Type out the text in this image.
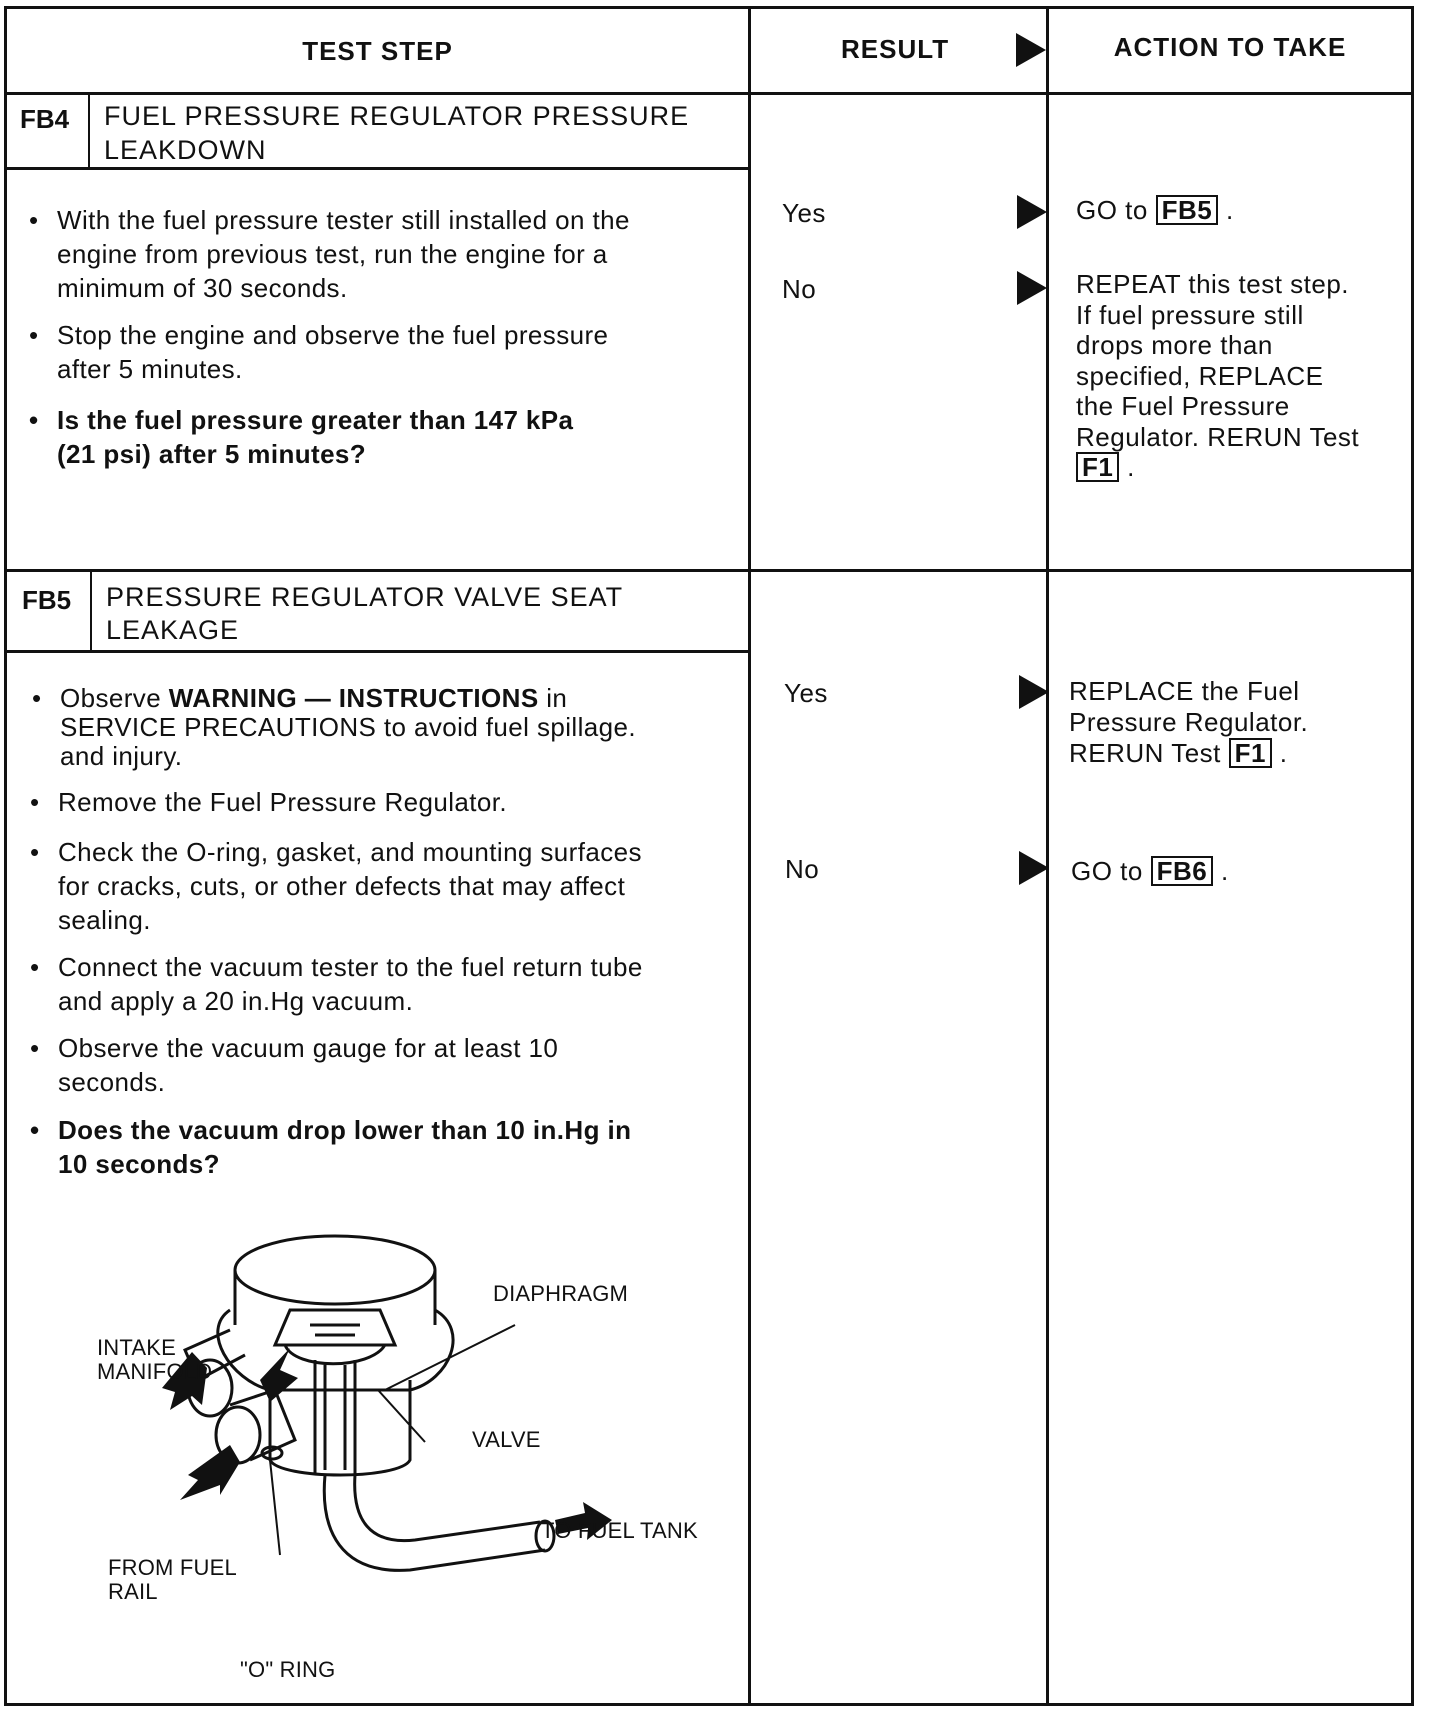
TEST STEP	RESULT	ACTION TO TAKE
FB4 FUEL PRESSURE REGULATOR PRESSURE
LEAKDOWN
• With the fuel pressure tester still installed on the
engine from previous test, run the engine for a
minimum of 30 seconds.
• Stop the engine and observe the fuel pressure
after 5 minutes.
• Is the fuel pressure greater than 147 kPa
(21 psi) after 5 minutes?
Yes
No
GO to FB5 .
REPEAT this test step.
If fuel pressure still
drops more than
specified, REPLACE
the Fuel Pressure
Regulator. RERUN Test
F1 .
FB5 PRESSURE REGULATOR VALVE SEAT
LEAKAGE
• Observe WARNING — INSTRUCTIONS in
SERVICE PRECAUTIONS to avoid fuel spillage.
and injury.
• Remove the Fuel Pressure Regulator.
• Check the O-ring, gasket, and mounting surfaces
for cracks, cuts, or other defects that may affect
sealing.
• Connect the vacuum tester to the fuel return tube
and apply a 20 in.Hg vacuum.
• Observe the vacuum gauge for at least 10
seconds.
• Does the vacuum drop lower than 10 in.Hg in
10 seconds?
Yes
No
REPLACE the Fuel
Pressure Regulator.
RERUN Test F1 .
GO to FB6 .
DIAPHRAGM
INTAKE
MANIFOLD
VALVE
TO FUEL TANK
FROM FUEL
RAIL
"O" RING
